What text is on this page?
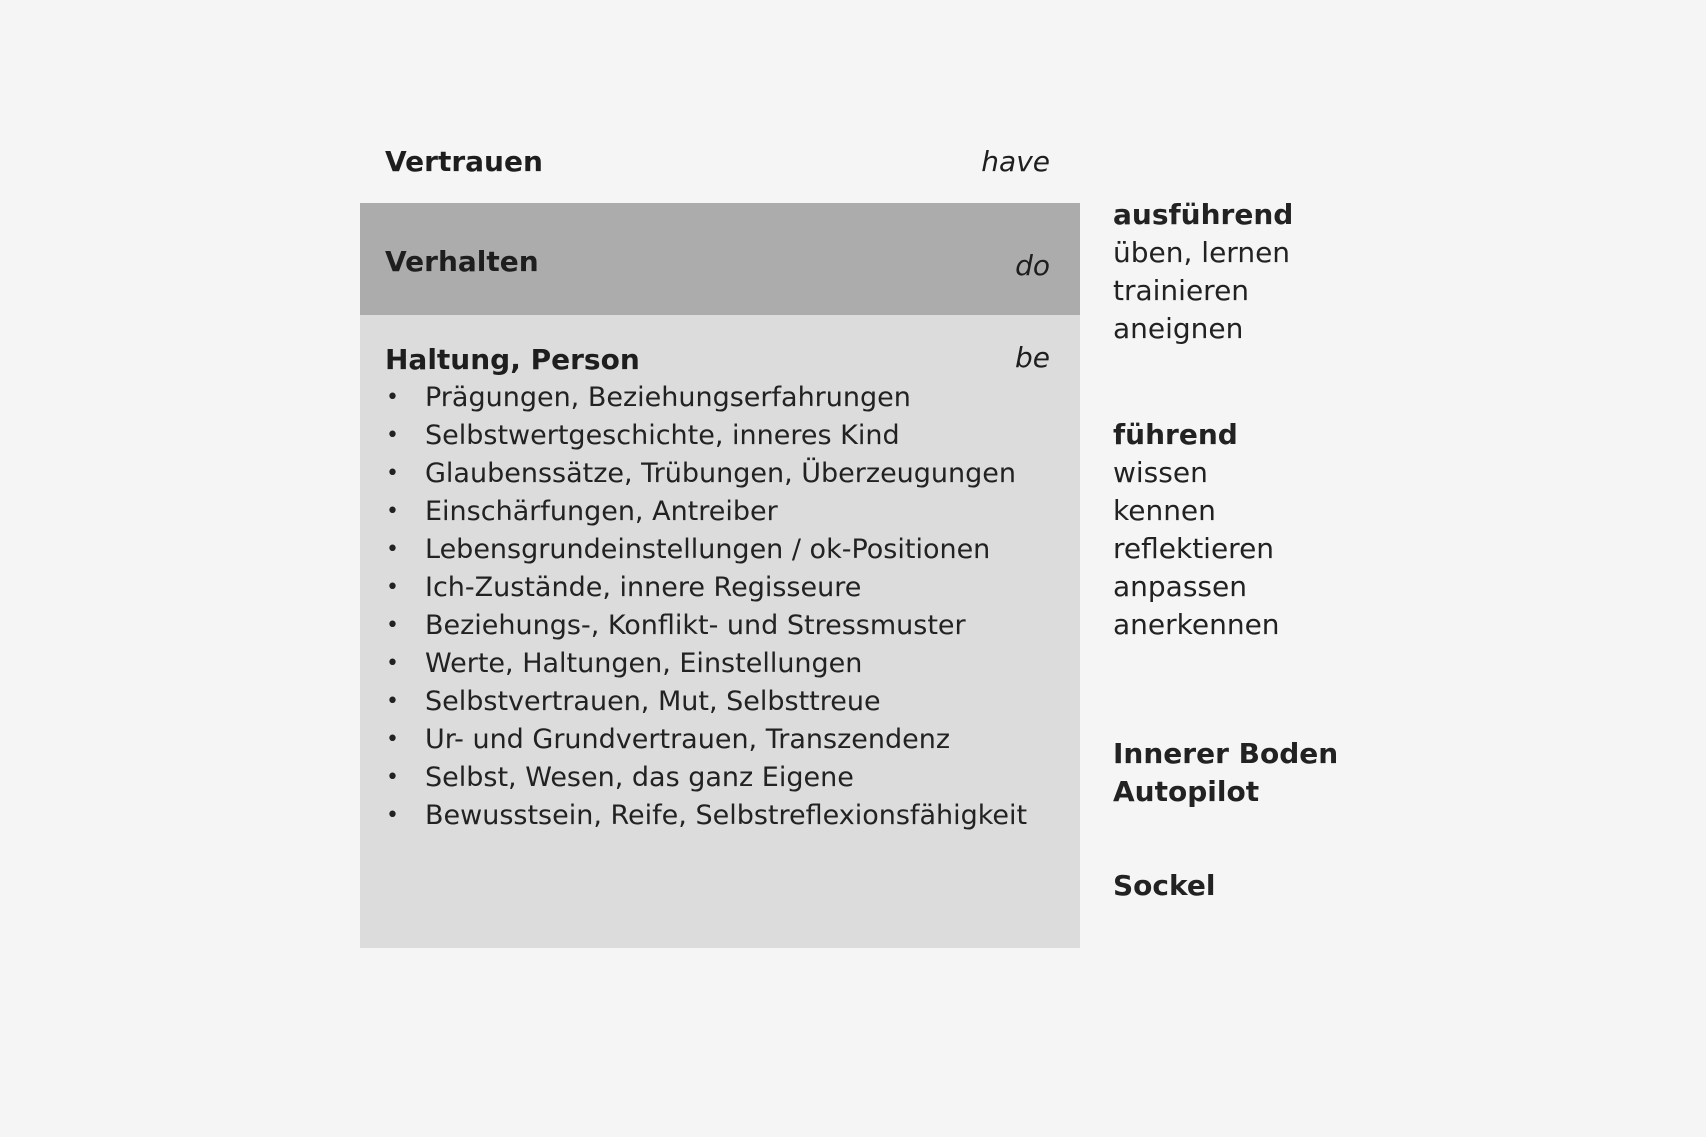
Vertrauen	have
Verhalten	do
Haltung, Person	be
• Prägungen, Beziehungserfahrungen
• Selbstwertgeschichte, inneres Kind
• Glaubenssätze, Trübungen, Überzeugungen
• Einschärfungen, Antreiber
• Lebensgrundeinstellungen / ok-Positionen
• Ich-Zustände, innere Regisseure
• Beziehungs-, Konflikt- und Stressmuster
• Werte, Haltungen, Einstellungen
• Selbstvertrauen, Mut, Selbsttreue
• Ur- und Grundvertrauen, Transzendenz
• Selbst, Wesen, das ganz Eigene
• Bewusstsein, Reife, Selbstreflexionsfähigkeit
ausführend
üben, lernen
trainieren
aneignen
führend
wissen
kennen
reflektieren
anpassen
anerkennen
Innerer Boden
Autopilot
Sockel
